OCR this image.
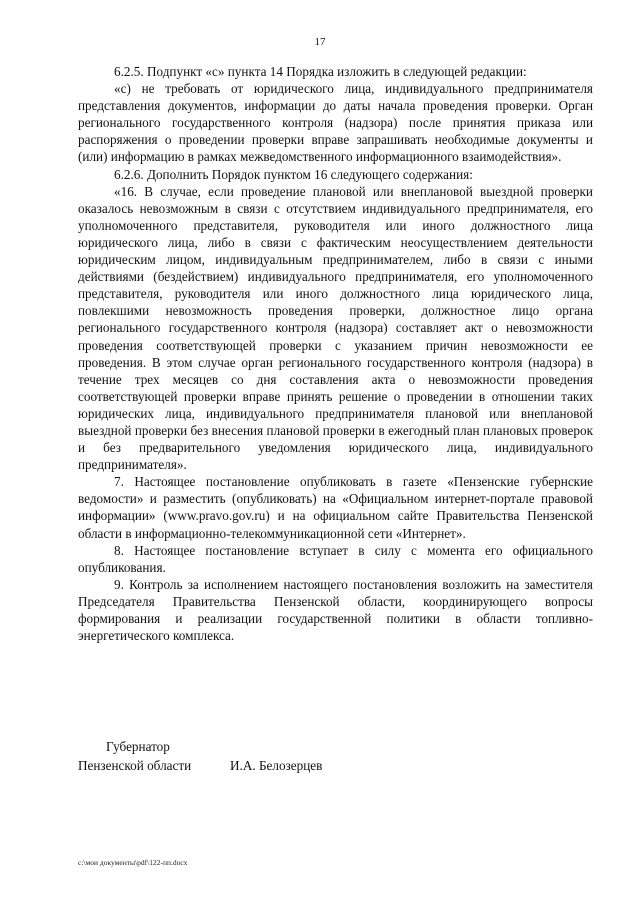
17

6.2.5. Подпункт «с» пункта 14 Порядка изложить в следующей редакции:

«с) не требовать от юридического лица, индивидуального предпринимателя представления документов, информации до даты начала проведения проверки. Орган регионального государственного контроля (надзора) после принятия приказа или распоряжения о проведении проверки вправе запрашивать необходимые документы и (или) информацию в рамках межведомственного информационного взаимодействия».

6.2.6. Дополнить Порядок пунктом 16 следующего содержания:

«16. В случае, если проведение плановой или внеплановой выездной проверки оказалось невозможным в связи с отсутствием индивидуального предпринимателя, его уполномоченного представителя, руководителя или иного должностного лица юридического лица, либо в связи с фактическим неосуществлением деятельности юридическим лицом, индивидуальным предпринимателем, либо в связи с иными действиями (бездействием) индивидуального предпринимателя, его уполномоченного представителя, руководителя или иного должностного лица юридического лица, повлекшими невозможность проведения проверки, должностное лицо органа регионального государственного контроля (надзора) составляет акт о невозможности проведения соответствующей проверки с указанием причин невозможности ее проведения. В этом случае орган регионального государственного контроля (надзора) в течение трех месяцев со дня составления акта о невозможности проведения соответствующей проверки вправе принять решение о проведении в отношении таких юридических лица, индивидуального предпринимателя плановой или внеплановой выездной проверки без внесения плановой проверки в ежегодный план плановых проверок и без предварительного уведомления юридического лица, индивидуального предпринимателя».

7. Настоящее постановление опубликовать в газете «Пензенские губернские ведомости» и разместить (опубликовать) на «Официальном интернет-портале правовой информации» (www.pravo.gov.ru) и на официальном сайте Правительства Пензенской области в информационно-телекоммуникационной сети «Интернет».

8. Настоящее постановление вступает в силу с момента его официального опубликования.

9. Контроль за исполнением настоящего постановления возложить на заместителя Председателя Правительства Пензенской области, координирующего вопросы формирования и реализации государственной политики в области топливно-энергетического комплекса.

Губернатор
Пензенской области	И.А. Белозерцев
c:\мои документы\pdf\122-пп.docx
